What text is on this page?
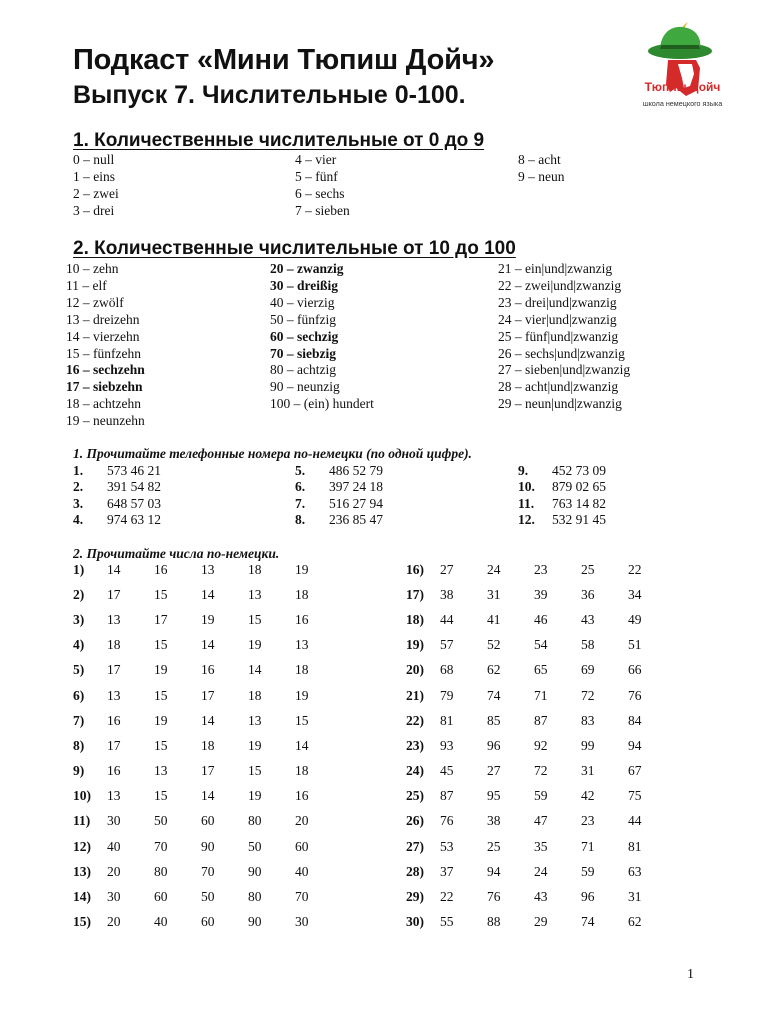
Подкаст «Мини Тюпиш Дойч»
Выпуск 7. Числительные 0-100.	Тюпиш Дойч
школа немецкого языка
1. Количественные числительные от 0 до 9
0 – null
1 – eins
2 – zwei
3 – drei
4 – vier
5 – fünf
6 – sechs
7 – sieben
8 – acht
9 – neun
2. Количественные числительные от 10 до 100
10 – zehn
11 – elf
12 – zwölf
13 – dreizehn
14 – vierzehn
15 – fünfzehn
16 – sechzehn
17 – siebzehn
18 – achtzehn
19 – neunzehn
20 – zwanzig
30 – dreißig
40 – vierzig
50 – fünfzig
60 – sechzig
70 – siebzig
80 – achtzig
90 – neunzig
100 – (ein) hundert
21 – ein|und|zwanzig
22 – zwei|und|zwanzig
23 – drei|und|zwanzig
24 – vier|und|zwanzig
25 – fünf|und|zwanzig
26 – sechs|und|zwanzig
27 – sieben|und|zwanzig
28 – acht|und|zwanzig
29 – neun|und|zwanzig
1. Прочитайте телефонные номера по-немецки (по одной цифре).
1. 573 46 21
2. 391 54 82
3. 648 57 03
4. 974 63 12
5. 486 52 79
6. 397 24 18
7. 516 27 94
8. 236 85 47
9. 452 73 09
10. 879 02 65
11. 763 14 82
12. 532 91 45
2. Прочитайте числа по-немецки.
1)	14	16	13	18	19
2)	17	15	14	13	18
3)	13	17	19	15	16
4)	18	15	14	19	13
5)	17	19	16	14	18
6)	13	15	17	18	19
7)	16	19	14	13	15
8)	17	15	18	19	14
9)	16	13	17	15	18
10)	13	15	14	19	16
11)	30	50	60	80	20
12)	40	70	90	50	60
13)	20	80	70	90	40
14)	30	60	50	80	70
15)	20	40	60	90	30
16)	27	24	23	25	22
17)	38	31	39	36	34
18)	44	41	46	43	49
19)	57	52	54	58	51
20)	68	62	65	69	66
21)	79	74	71	72	76
22)	81	85	87	83	84
23)	93	96	92	99	94
24)	45	27	72	31	67
25)	87	95	59	42	75
26)	76	38	47	23	44
27)	53	25	35	71	81
28)	37	94	24	59	63
29)	22	76	43	96	31
30)	55	88	29	74	62
1
